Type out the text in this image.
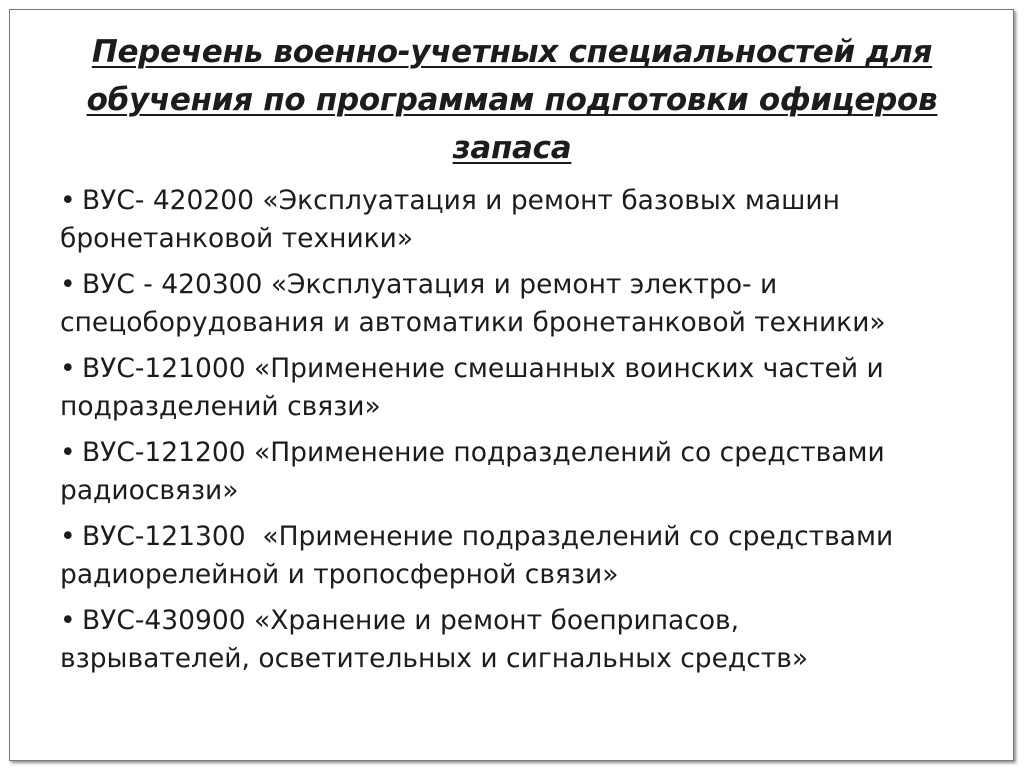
Перечень военно-учетных специальностей для
обучения по программам подготовки офицеров
запаса
• ВУС- 420200 «Эксплуатация и ремонт базовых машин
бронетанковой техники»
• ВУС - 420300 «Эксплуатация и ремонт электро- и
спецоборудования и автоматики бронетанковой техники»
• ВУС-121000 «Применение смешанных воинских частей и
подразделений связи»
• ВУС-121200 «Применение подразделений со средствами
радиосвязи»
• ВУС-121300  «Применение подразделений со средствами
радиорелейной и тропосферной связи»
• ВУС-430900 «Хранение и ремонт боеприпасов,
взрывателей, осветительных и сигнальных средств»
